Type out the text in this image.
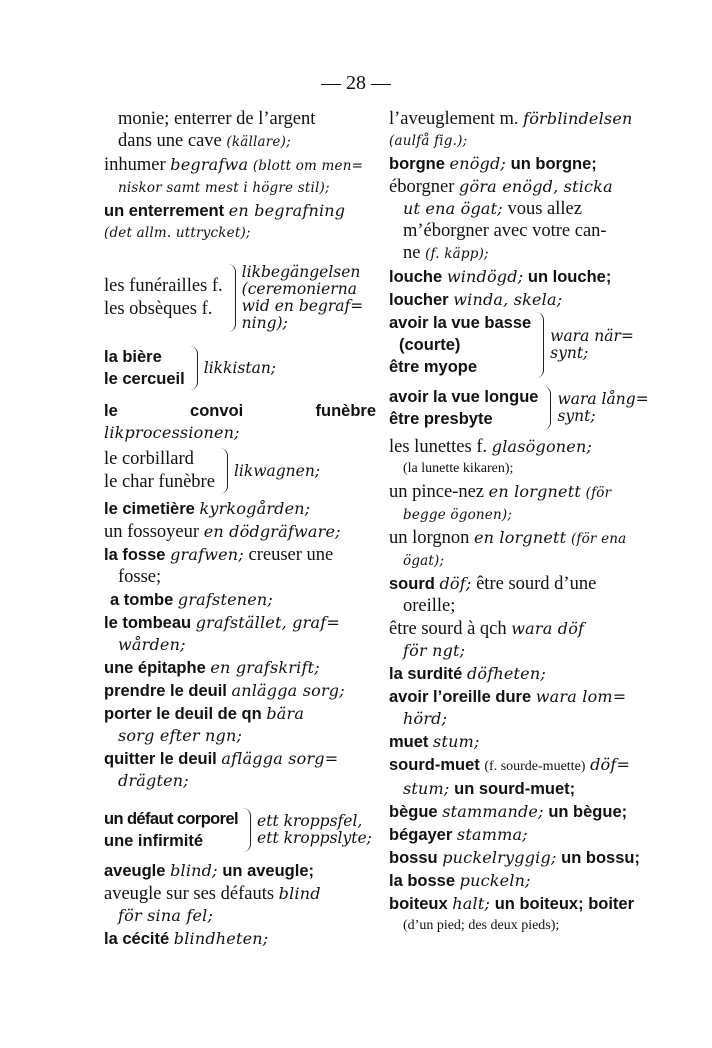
— 28 —
monie; enterrer de l’argent
dans une cave (källare);
inhumer begrafwa (blott om men=
niskor samt mest i högre stil);
un enterrement en begrafning
(det allm. uttrycket);
les funérailles f.
les obsèques f.
likbegängelsen
(ceremonierna
wid en begraf=
ning);
la bière
le cercueil
likkistan;
le convoi funèbre likprocessionen;
le corbillard
le char funèbre
likwagnen;
le cimetière kyrkogården;
un fossoyeur en dödgräfware;
la fosse grafwen; creuser une
fosse;
a tombe grafstenen;
le tombeau grafstället, graf=
wården;
une épitaphe en grafskrift;
prendre le deuil anlägga sorg;
porter le deuil de qn bära
sorg efter ngn;
quitter le deuil aflägga sorg=
drägten;
un défaut corporel
une infirmité
ett kroppsfel,
ett kroppslyte;
aveugle blind; un aveugle;
aveugle sur ses défauts blind
för sina fel;
la cécité blindheten;
l’aveuglement m. förblindelsen
(aulfå fig.);
borgne enögd; un borgne;
éborgner göra enögd, sticka
ut ena ögat; vous allez
m’éborgner avec votre can-
ne (f. käpp);
louche windögd; un louche;
loucher winda, skela;
avoir la vue basse
(courte)
être myope
wara när=
synt;
avoir la vue longue
être presbyte
wara lång=
synt;
les lunettes f. glasögonen;
(la lunette kikaren);
un pince-nez en lorgnett (för
begge ögonen);
un lorgnon en lorgnett (för ena
ögat);
sourd döf; être sourd d’une
oreille;
être sourd à qch wara döf
för ngt;
la surdité döfheten;
avoir l’oreille dure wara lom=
hörd;
muet stum;
sourd-muet (f. sourde-muette) döf=
stum; un sourd-muet;
bègue stammande; un bègue;
bégayer stamma;
bossu puckelryggig; un bossu;
la bosse puckeln;
boiteux halt; un boiteux; boiter
(d’un pied; des deux pieds);
